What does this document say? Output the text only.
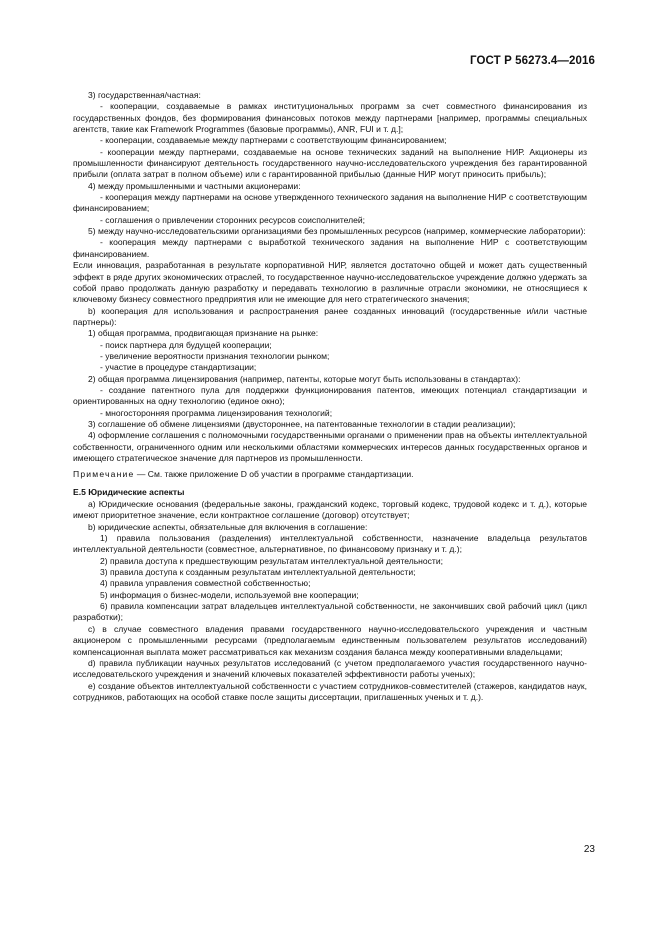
ГОСТ Р 56273.4—2016

3) государственная/частная:

- кооперации, создаваемые в рамках институциональных программ за счет совместного финансирования из государственных фондов, без формирования финансовых потоков между партнерами [например, программы специальных агентств, такие как Framework Programmes (базовые программы), ANR, FUI и т. д.];

- кооперации, создаваемые между партнерами с соответствующим финансированием;

- кооперации между партнерами, создаваемые на основе технических заданий на выполнение НИР. Акционеры из промышленности финансируют деятельность государственного научно-исследовательского учреждения без гарантированной прибыли (оплата затрат в полном объеме) или с гарантированной прибылью (данные НИР могут приносить прибыль);

4) между промышленными и частными акционерами:

- кооперация между партнерами на основе утвержденного технического задания на выполнение НИР с соответствующим финансированием;

- соглашения о привлечении сторонних ресурсов соисполнителей;

5) между научно-исследовательскими организациями без промышленных ресурсов (например, коммерческие лаборатории):

- кооперация между партнерами с выработкой технического задания на выполнение НИР с соответствующим финансированием.

Если инновация, разработанная в результате корпоративной НИР, является достаточно общей и может дать существенный эффект в ряде других экономических отраслей, то государственное научно-исследовательское учреждение должно удержать за собой право продолжать данную разработку и передавать технологию в различные отрасли экономики, не относящиеся к ключевому бизнесу совместного предприятия или не имеющие для него стратегического значения;

b) кооперация для использования и распространения ранее созданных инноваций (государственные и/или частные партнеры):

1) общая программа, продвигающая признание на рынке:

- поиск партнера для будущей кооперации;

- увеличение вероятности признания технологии рынком;

- участие в процедуре стандартизации;

2) общая программа лицензирования (например, патенты, которые могут быть использованы в стандартах):

- создание патентного пула для поддержки функционирования патентов, имеющих потенциал стандартизации и ориентированных на одну технологию (единое окно);

- многосторонняя программа лицензирования технологий;

3) соглашение об обмене лицензиями (двустороннее, на патентованные технологии в стадии реализации);

4) оформление соглашения с полномочными государственными органами о применении прав на объекты интеллектуальной собственности, ограниченного одним или несколькими областями коммерческих интересов данных государственных органов и имеющего стратегическое значение для партнеров из промышленности.

Примечание — См. также приложение D об участии в программе стандартизации.

Е.5 Юридические аспекты

a) Юридические основания (федеральные законы, гражданский кодекс, торговый кодекс, трудовой кодекс и т. д.), которые имеют приоритетное значение, если контрактное соглашение (договор) отсутствует;

b) юридические аспекты, обязательные для включения в соглашение:

1) правила пользования (разделения) интеллектуальной собственности, назначение владельца результатов интеллектуальной деятельности (совместное, альтернативное, по финансовому признаку и т. д.);

2) правила доступа к предшествующим результатам интеллектуальной деятельности;

3) правила доступа к созданным результатам интеллектуальной деятельности;

4) правила управления совместной собственностью;

5) информация о бизнес-модели, используемой вне кооперации;

6) правила компенсации затрат владельцев интеллектуальной собственности, не закончивших свой рабочий цикл (цикл разработки);

c) в случае совместного владения правами государственного научно-исследовательского учреждения и частным акционером с промышленными ресурсами (предполагаемым единственным пользователем результатов исследований) компенсационная выплата может рассматриваться как механизм создания баланса между кооперативными владельцами;

d) правила публикации научных результатов исследований (с учетом предполагаемого участия государственного научно-исследовательского учреждения и значений ключевых показателей эффективности работы ученых);

e) создание объектов интеллектуальной собственности с участием сотрудников-совместителей (стажеров, кандидатов наук, сотрудников, работающих на особой ставке после защиты диссертации, приглашенных ученых и т. д.).

23
